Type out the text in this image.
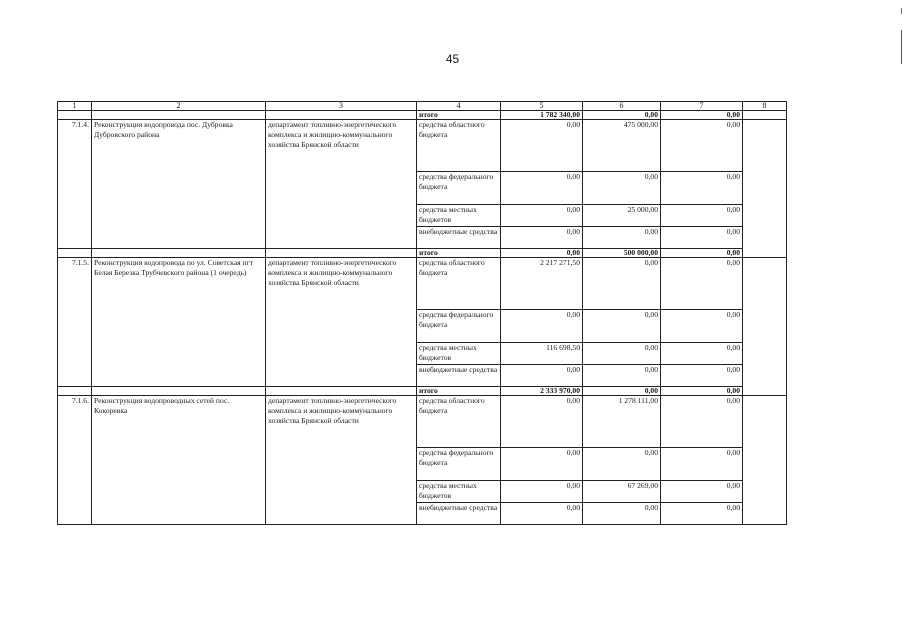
45
1	2	3	4	5	6	7	8
			итого	1 782 340,00	0,00	0,00	
7.1.4.	Реконструкция водопровода пос. Дубровка Дубровского района	департамент топливно-энергетического комплекса и жилищно-коммунального хозяйства Брянской области	средства областного бюджета	0,00	475 000,00	0,00	
			средства федерального бюджета	0,00	0,00	0,00	
			средства местных бюджетов	0,00	25 000,00	0,00	
			внебюджетные средства	0,00	0,00	0,00	
			итого	0,00	500 000,00	0,00	
7.1.5.	Реконструкция водопровода по ул. Советская пгт Белая Березка Трубчевского района (1 очередь)	департамент топливно-энергетического комплекса и жилищно-коммунального хозяйства Брянской области	средства областного бюджета	2 217 271,50	0,00	0,00	
			средства федерального бюджета	0,00	0,00	0,00	
			средства местных бюджетов	116 698,50	0,00	0,00	
			внебюджетные средства	0,00	0,00	0,00	
			итого	2 333 970,00	0,00	0,00	
7.1.6.	Реконструкция водопроводных сетей пос. Кокоревка	департамент топливно-энергетического комплекса и жилищно-коммунального хозяйства Брянской области	средства областного бюджета	0,00	1 278 111,00	0,00	
			средства федерального бюджета	0,00	0,00	0,00	
			средства местных бюджетов	0,00	67 269,00	0,00	
			внебюджетные средства	0,00	0,00	0,00	
